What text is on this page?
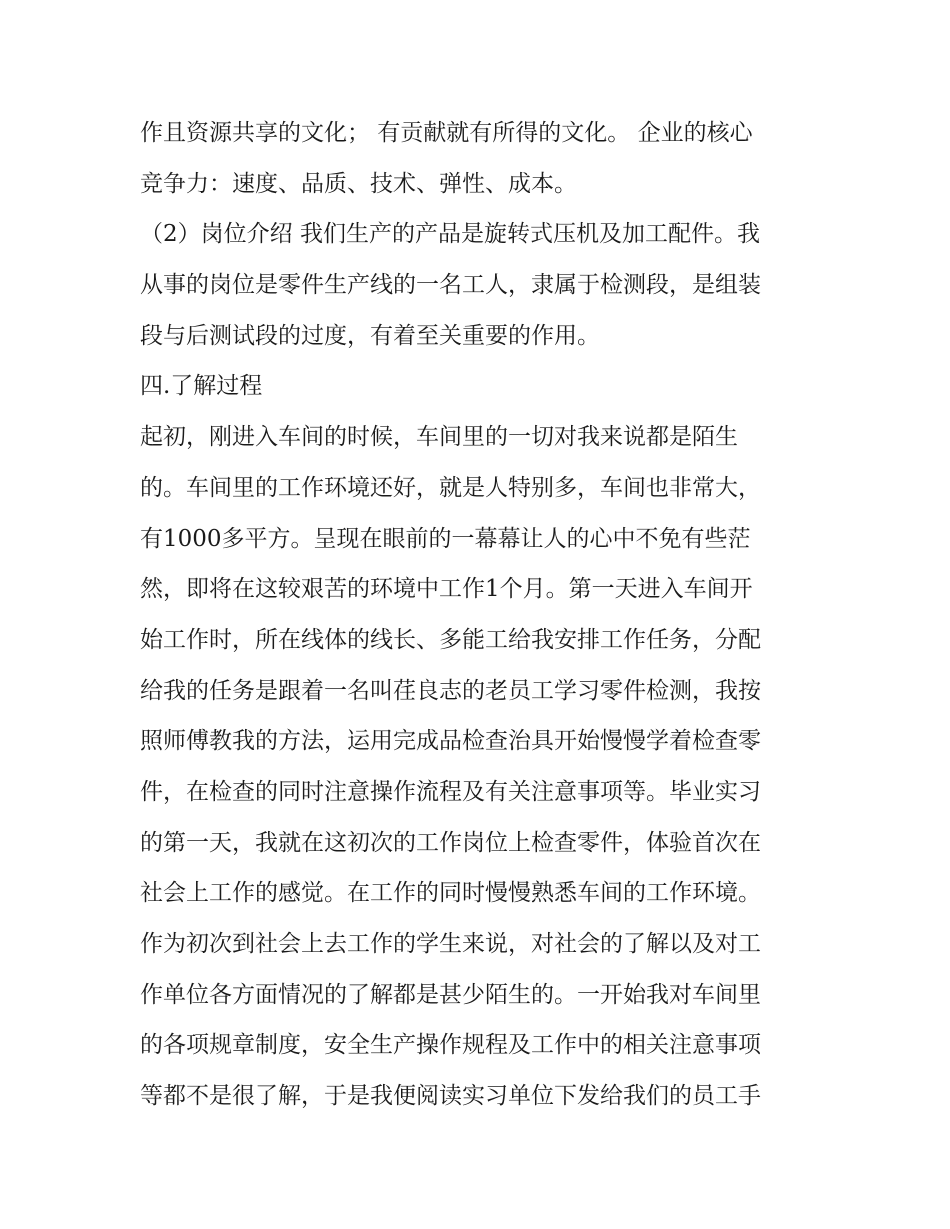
作且资源共享的文化； 有贡献就有所得的文化。 企业的核心
竞争力：速度、品质、技术、弹性、成本。
（2）岗位介绍 我们生产的产品是旋转式压机及加工配件。我
从事的岗位是零件生产线的一名工人，隶属于检测段，是组装
段与后测试段的过度，有着至关重要的作用。
四.了解过程
起初，刚进入车间的时候，车间里的一切对我来说都是陌生
的。车间里的工作环境还好，就是人特别多，车间也非常大，
有1000多平方。呈现在眼前的一幕幕让人的心中不免有些茫
然，即将在这较艰苦的环境中工作1个月。第一天进入车间开
始工作时，所在线体的线长、多能工给我安排工作任务，分配
给我的任务是跟着一名叫荏良志的老员工学习零件检测，我按
照师傅教我的方法，运用完成品检查治具开始慢慢学着检查零
件，在检查的同时注意操作流程及有关注意事项等。毕业实习
的第一天，我就在这初次的工作岗位上检查零件，体验首次在
社会上工作的感觉。在工作的同时慢慢熟悉车间的工作环境。
作为初次到社会上去工作的学生来说，对社会的了解以及对工
作单位各方面情况的了解都是甚少陌生的。一开始我对车间里
的各项规章制度，安全生产操作规程及工作中的相关注意事项
等都不是很了解，于是我便阅读实习单位下发给我们的员工手
